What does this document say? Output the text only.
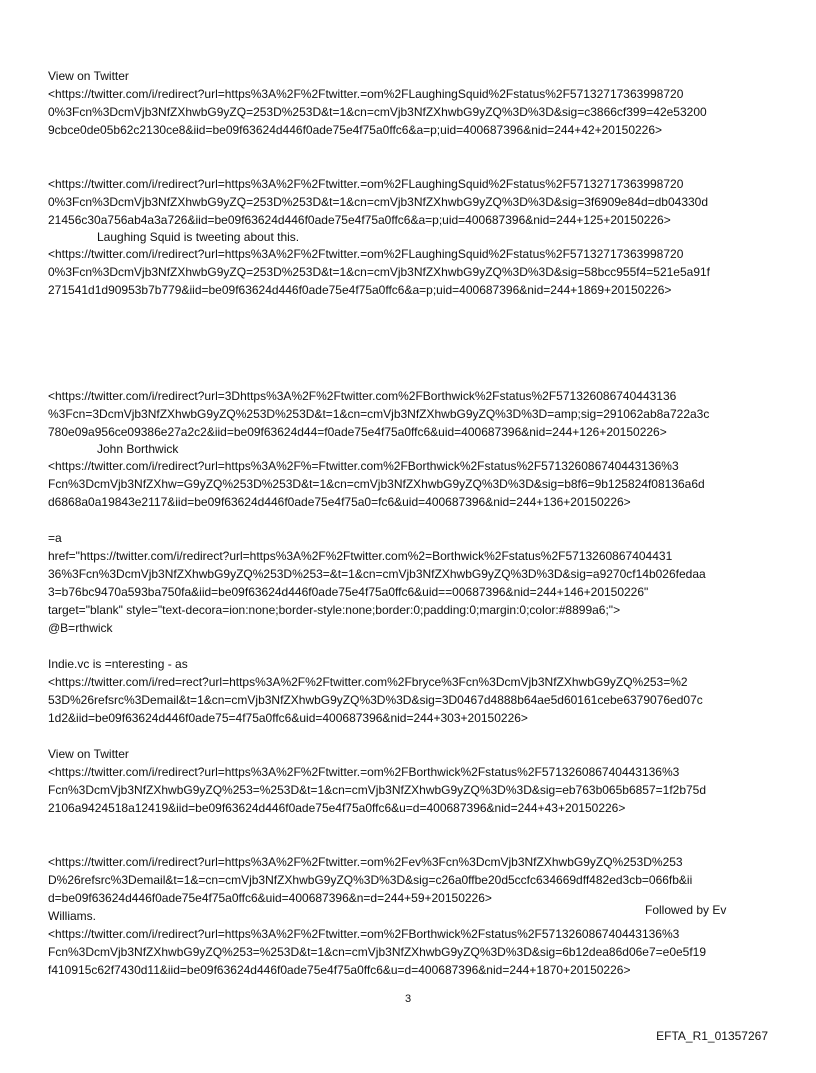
View on Twitter

<https://twitter.com/i/redirect?url=https%3A%2F%2Ftwitter.=om%2FLaughingSquid%2Fstatus%2F57132717363998720

0%3Fcn%3DcmVjb3NfZXhwbG9yZQ=253D%253D&t=1&cn=cmVjb3NfZXhwbG9yZQ%3D%3D&sig=c3866cf399=42e53200

9cbce0de05b62c2130ce8&iid=be09f63624d446f0ade75e4f75a0ffc6&a=p;uid=400687396&nid=244+42+20150226>

<https://twitter.com/i/redirect?url=https%3A%2F%2Ftwitter.=om%2FLaughingSquid%2Fstatus%2F57132717363998720

0%3Fcn%3DcmVjb3NfZXhwbG9yZQ=253D%253D&t=1&cn=cmVjb3NfZXhwbG9yZQ%3D%3D&sig=3f6909e84d=db04330d

21456c30a756ab4a3a726&iid=be09f63624d446f0ade75e4f75a0ffc6&a=p;uid=400687396&nid=244+125+20150226>

Laughing Squid is tweeting about this.

<https://twitter.com/i/redirect?url=https%3A%2F%2Ftwitter.=om%2FLaughingSquid%2Fstatus%2F57132717363998720

0%3Fcn%3DcmVjb3NfZXhwbG9yZQ=253D%253D&t=1&cn=cmVjb3NfZXhwbG9yZQ%3D%3D&sig=58bcc955f4=521e5a91f

271541d1d90953b7b779&iid=be09f63624d446f0ade75e4f75a0ffc6&a=p;uid=400687396&nid=244+1869+20150226>

<https://twitter.com/i/redirect?url=3Dhttps%3A%2F%2Ftwitter.com%2FBorthwick%2Fstatus%2F571326086740443136

%3Fcn=3DcmVjb3NfZXhwbG9yZQ%253D%253D&t=1&cn=cmVjb3NfZXhwbG9yZQ%3D%3D=amp;sig=291062ab8a722a3c

780e09a956ce09386e27a2c2&iid=be09f63624d44=f0ade75e4f75a0ffc6&uid=400687396&nid=244+126+20150226>

John Borthwick

<https://twitter.com/i/redirect?url=https%3A%2F%=Ftwitter.com%2FBorthwick%2Fstatus%2F571326086740443136%3

Fcn%3DcmVjb3NfZXhw=G9yZQ%253D%253D&t=1&cn=cmVjb3NfZXhwbG9yZQ%3D%3D&sig=b8f6=9b125824f08136a6d

d6868a0a19843e2117&iid=be09f63624d446f0ade75e4f75a0=fc6&uid=400687396&nid=244+136+20150226>

=a

href="https://twitter.com/i/redirect?url=https%3A%2F%2Ftwitter.com%2=Borthwick%2Fstatus%2F5713260867404431

36%3Fcn%3DcmVjb3NfZXhwbG9yZQ%253D%253=&t=1&cn=cmVjb3NfZXhwbG9yZQ%3D%3D&sig=a9270cf14b026fedaa

3=b76bc9470a593ba750fa&iid=be09f63624d446f0ade75e4f75a0ffc6&uid==00687396&nid=244+146+20150226"

target="blank" style="text-decora=ion:none;border-style:none;border:0;padding:0;margin:0;color:#8899a6;">

@B=rthwick

Indie.vc is =nteresting - as

<https://twitter.com/i/red=rect?url=https%3A%2F%2Ftwitter.com%2Fbryce%3Fcn%3DcmVjb3NfZXhwbG9yZQ%253=%2

53D%26refsrc%3Demail&t=1&cn=cmVjb3NfZXhwbG9yZQ%3D%3D&sig=3D0467d4888b64ae5d60161cebe6379076ed07c

1d2&iid=be09f63624d446f0ade75=4f75a0ffc6&uid=400687396&nid=244+303+20150226>

View on Twitter

<https://twitter.com/i/redirect?url=https%3A%2F%2Ftwitter.=om%2FBorthwick%2Fstatus%2F571326086740443136%3

Fcn%3DcmVjb3NfZXhwbG9yZQ%253=%253D&t=1&cn=cmVjb3NfZXhwbG9yZQ%3D%3D&sig=eb763b065b6857=1f2b75d

2106a9424518a12419&iid=be09f63624d446f0ade75e4f75a0ffc6&u=d=400687396&nid=244+43+20150226>

<https://twitter.com/i/redirect?url=https%3A%2F%2Ftwitter.=om%2Fev%3Fcn%3DcmVjb3NfZXhwbG9yZQ%253D%253

D%26refsrc%3Demail&t=1&=cn=cmVjb3NfZXhwbG9yZQ%3D%3D&sig=c26a0ffbe20d5ccfc634669dff482ed3cb=066fb&ii

d=be09f63624d446f0ade75e4f75a0ffc6&uid=400687396&n=d=244+59+20150226>

Followed by Ev

Williams.

<https://twitter.com/i/redirect?url=https%3A%2F%2Ftwitter.=om%2FBorthwick%2Fstatus%2F571326086740443136%3

Fcn%3DcmVjb3NfZXhwbG9yZQ%253=%253D&t=1&cn=cmVjb3NfZXhwbG9yZQ%3D%3D&sig=6b12dea86d06e7=e0e5f19

f410915c62f7430d11&iid=be09f63624d446f0ade75e4f75a0ffc6&u=d=400687396&nid=244+1870+20150226>

3
EFTA_R1_01357267
